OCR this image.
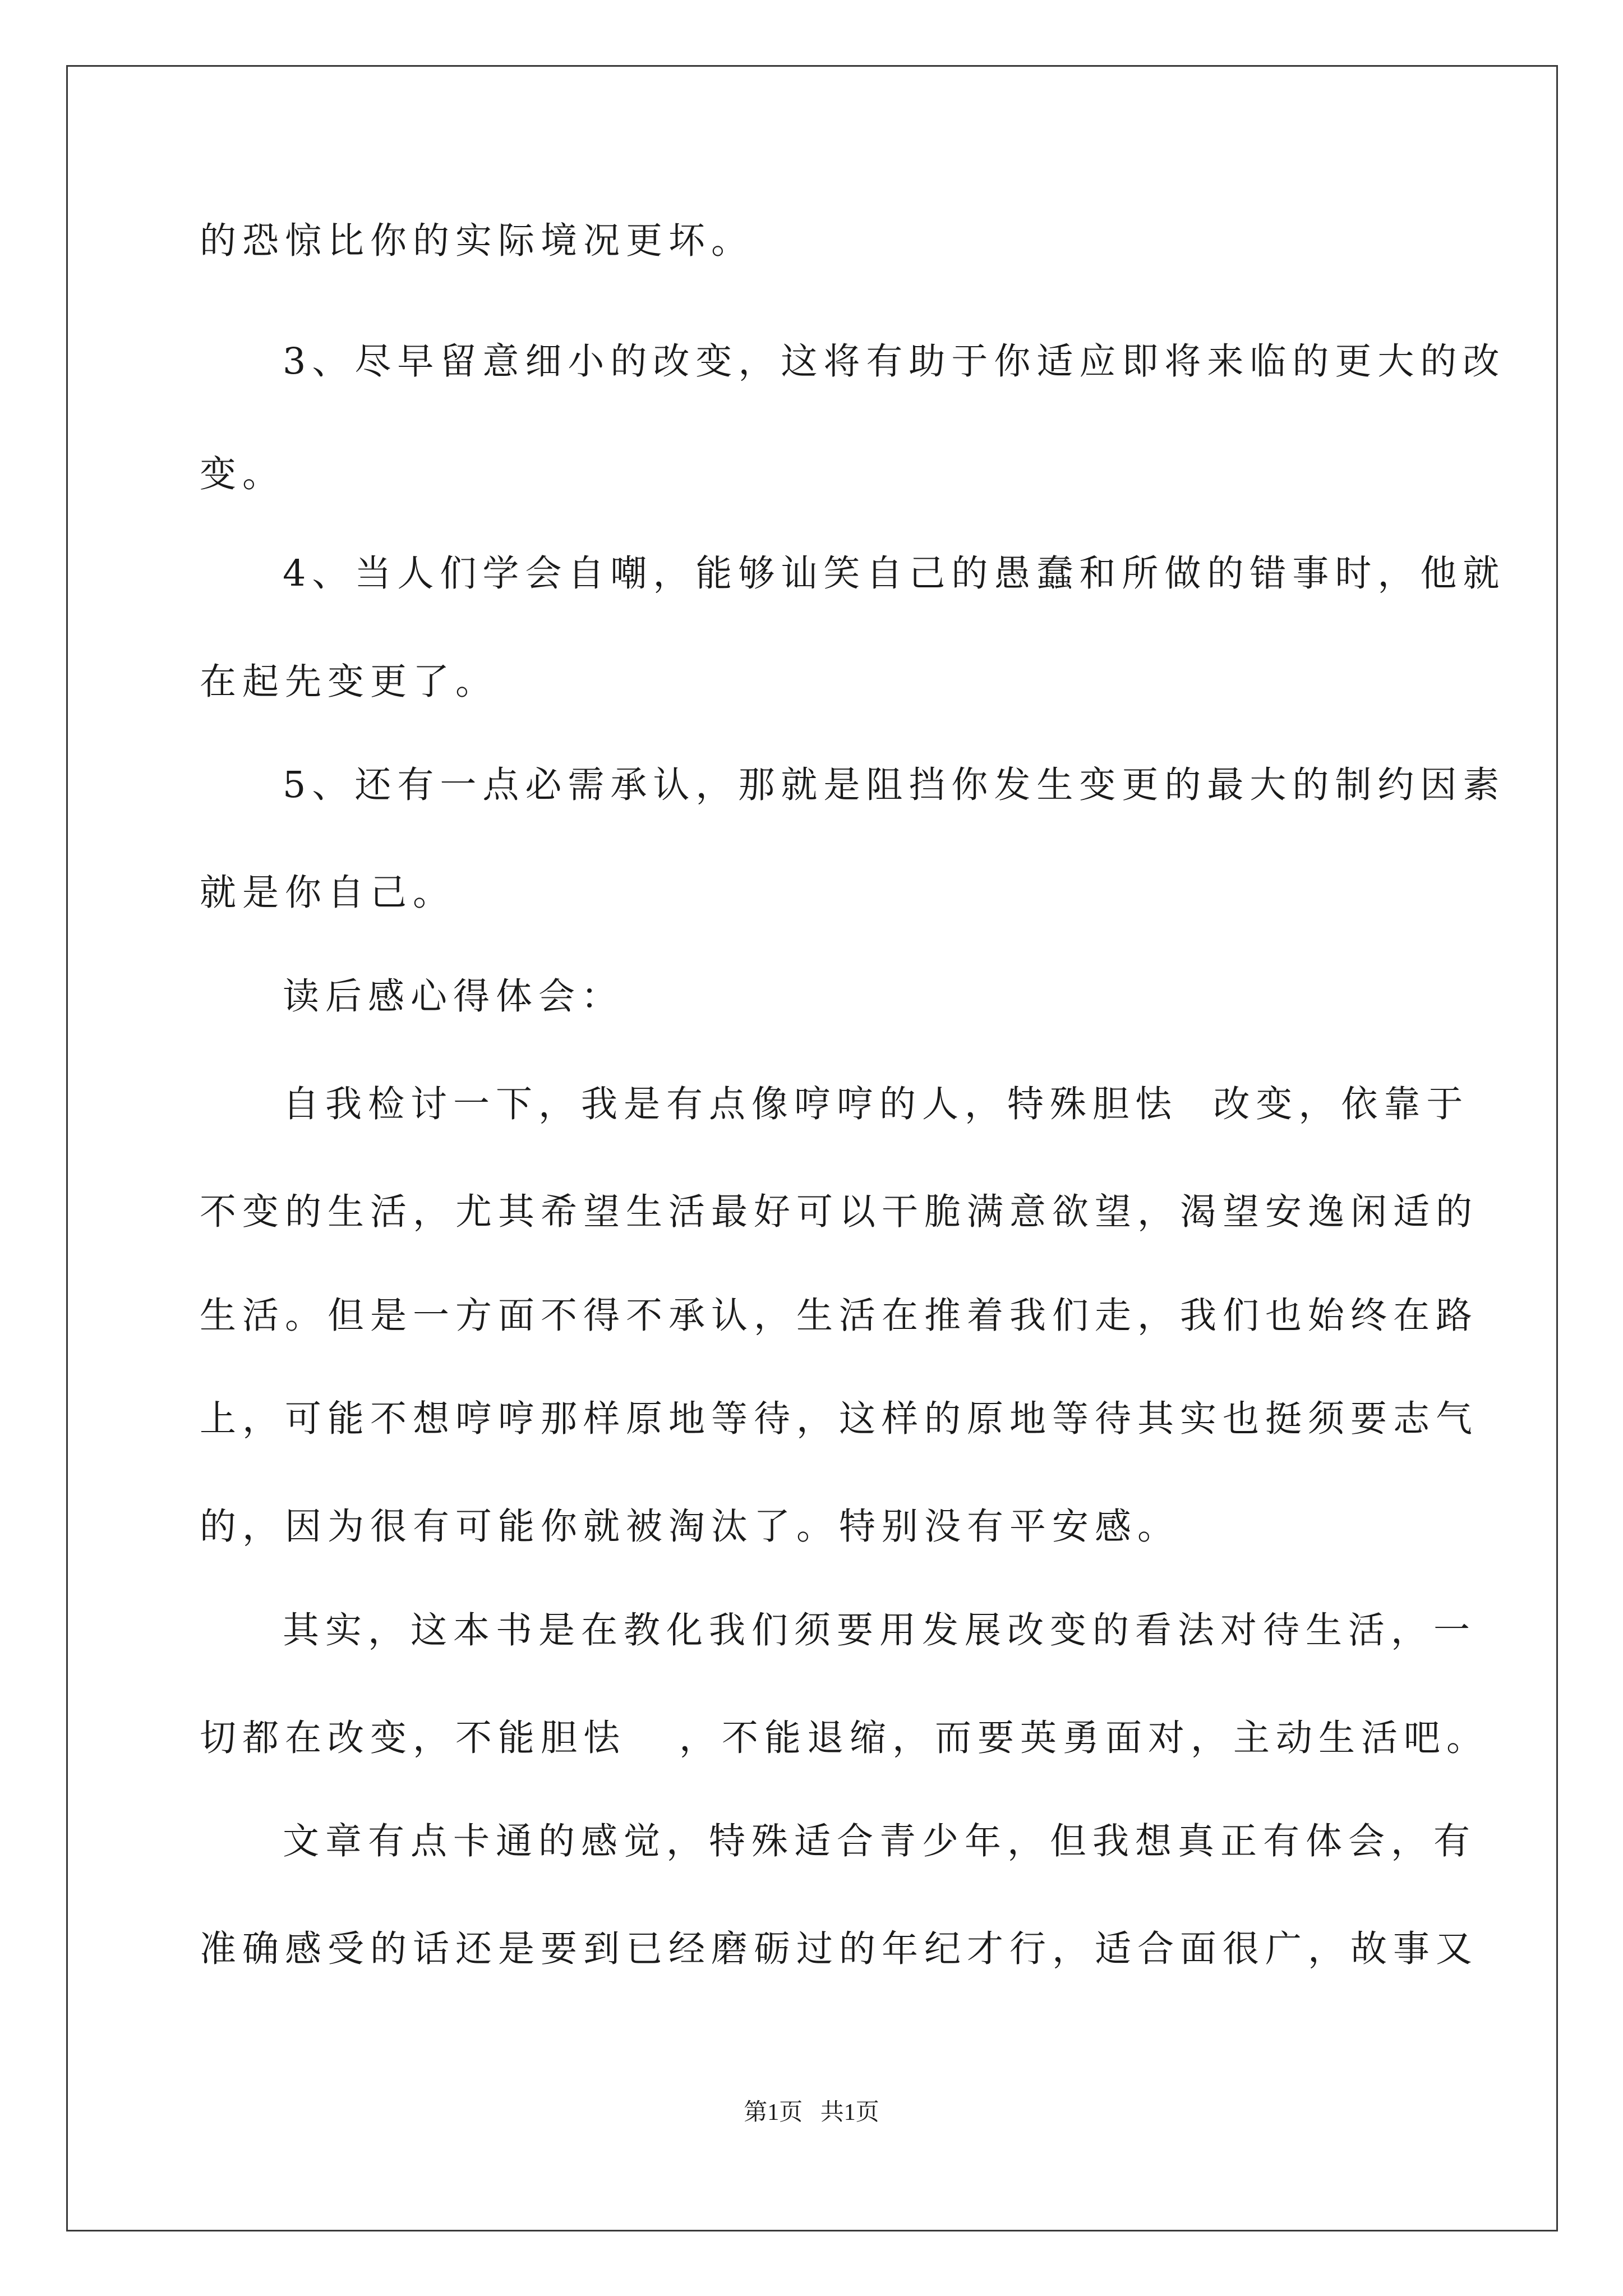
的恐惊比你的实际境况更坏。
3、尽早留意细小的改变，这将有助于你适应即将来临的更大的改
变。
4、当人们学会自嘲，能够讪笑自己的愚蠢和所做的错事时，他就
在起先变更了。
5、还有一点必需承认，那就是阻挡你发生变更的最大的制约因素
就是你自己。
读后感心得体会：
自我检讨一下，我是有点像哼哼的人，特殊胆怯  改变，依靠于
不变的生活，尤其希望生活最好可以干脆满意欲望，渴望安逸闲适的
生活。但是一方面不得不承认，生活在推着我们走，我们也始终在路
上，可能不想哼哼那样原地等待，这样的原地等待其实也挺须要志气
的，因为很有可能你就被淘汰了。特别没有平安感。
其实，这本书是在教化我们须要用发展改变的看法对待生活，一
切都在改变，不能胆怯   ，不能退缩，而要英勇面对，主动生活吧。
文章有点卡通的感觉，特殊适合青少年，但我想真正有体会，有
准确感受的话还是要到已经磨砺过的年纪才行，适合面很广，故事又
第1页   共1页
